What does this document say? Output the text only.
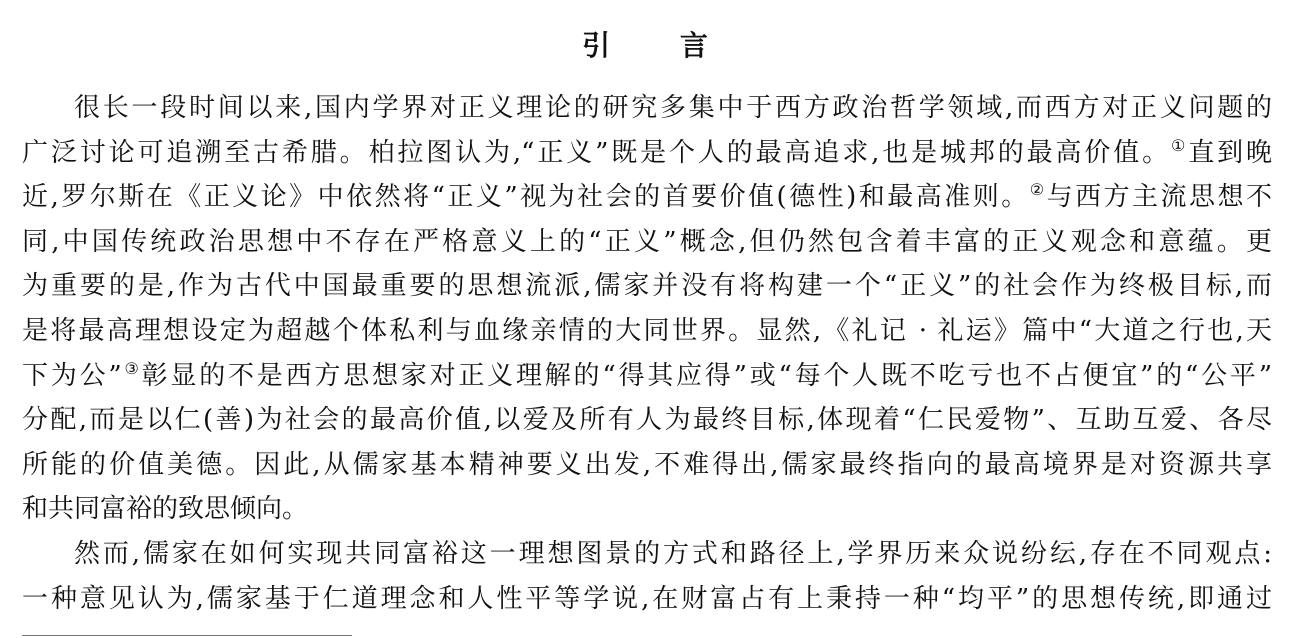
引 言
很长一段时间以来,国内学界对正义理论的研究多集中于西方政治哲学领域,而西方对正义问题的
广泛讨论可追溯至古希腊。柏拉图认为,“正义”既是个人的最高追求,也是城邦的最高价值。①直到晚
近,罗尔斯在《正义论》中依然将“正义”视为社会的首要价值(德性)和最高准则。②与西方主流思想不
同,中国传统政治思想中不存在严格意义上的“正义”概念,但仍然包含着丰富的正义观念和意蕴。更
为重要的是,作为古代中国最重要的思想流派,儒家并没有将构建一个“正义”的社会作为终极目标,而
是将最高理想设定为超越个体私利与血缘亲情的大同世界。显然,《礼记 · 礼运》篇中“大道之行也,天
下为公”③彰显的不是西方思想家对正义理解的“得其应得”或“每个人既不吃亏也不占便宜”的“公平”
分配,而是以仁(善)为社会的最高价值,以爱及所有人为最终目标,体现着“仁民爱物”、互助互爱、各尽
所能的价值美德。因此,从儒家基本精神要义出发,不难得出,儒家最终指向的最高境界是对资源共享
和共同富裕的致思倾向。
然而,儒家在如何实现共同富裕这一理想图景的方式和路径上,学界历来众说纷纭,存在不同观点:
一种意见认为,儒家基于仁道理念和人性平等学说,在财富占有上秉持一种“均平”的思想传统,即通过
